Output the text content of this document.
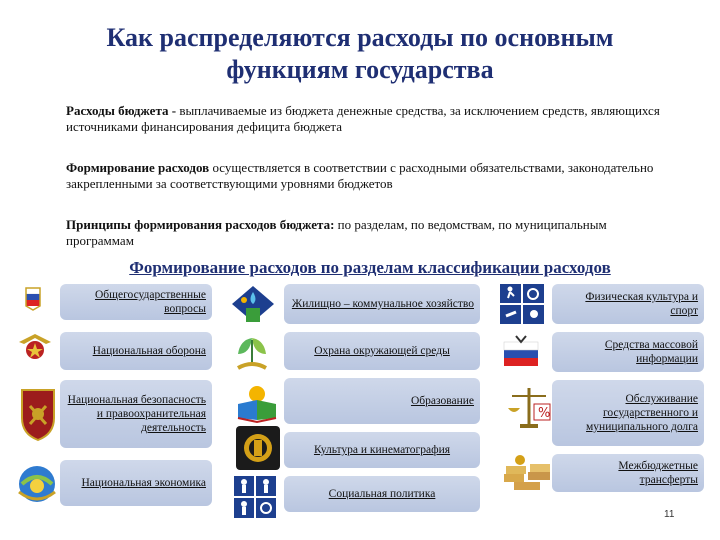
Как распределяются расходы по основным функциям государства
Расходы бюджета - выплачиваемые из бюджета денежные средства, за исключением средств, являющихся источниками финансирования дефицита бюджета
Формирование расходов осуществляется в соответствии с расходными обязательствами, законодательно закрепленными за соответствующими уровнями бюджетов
Принципы формирования расходов бюджета: по разделам, по ведомствам, по муниципальным программам
Формирование расходов по разделам классификации расходов
Общегосударственные вопросы
Национальная оборона
Национальная безопасность и правоохранительная деятельность
Национальная экономика
Жилищно – коммунальное хозяйство
Охрана окружающей среды
Образование
Культура и кинематография
Социальная политика
%
Физическая культура и спорт
Средства массовой информации
Обслуживание государственного и муниципального долга
Межбюджетные трансферты
11
